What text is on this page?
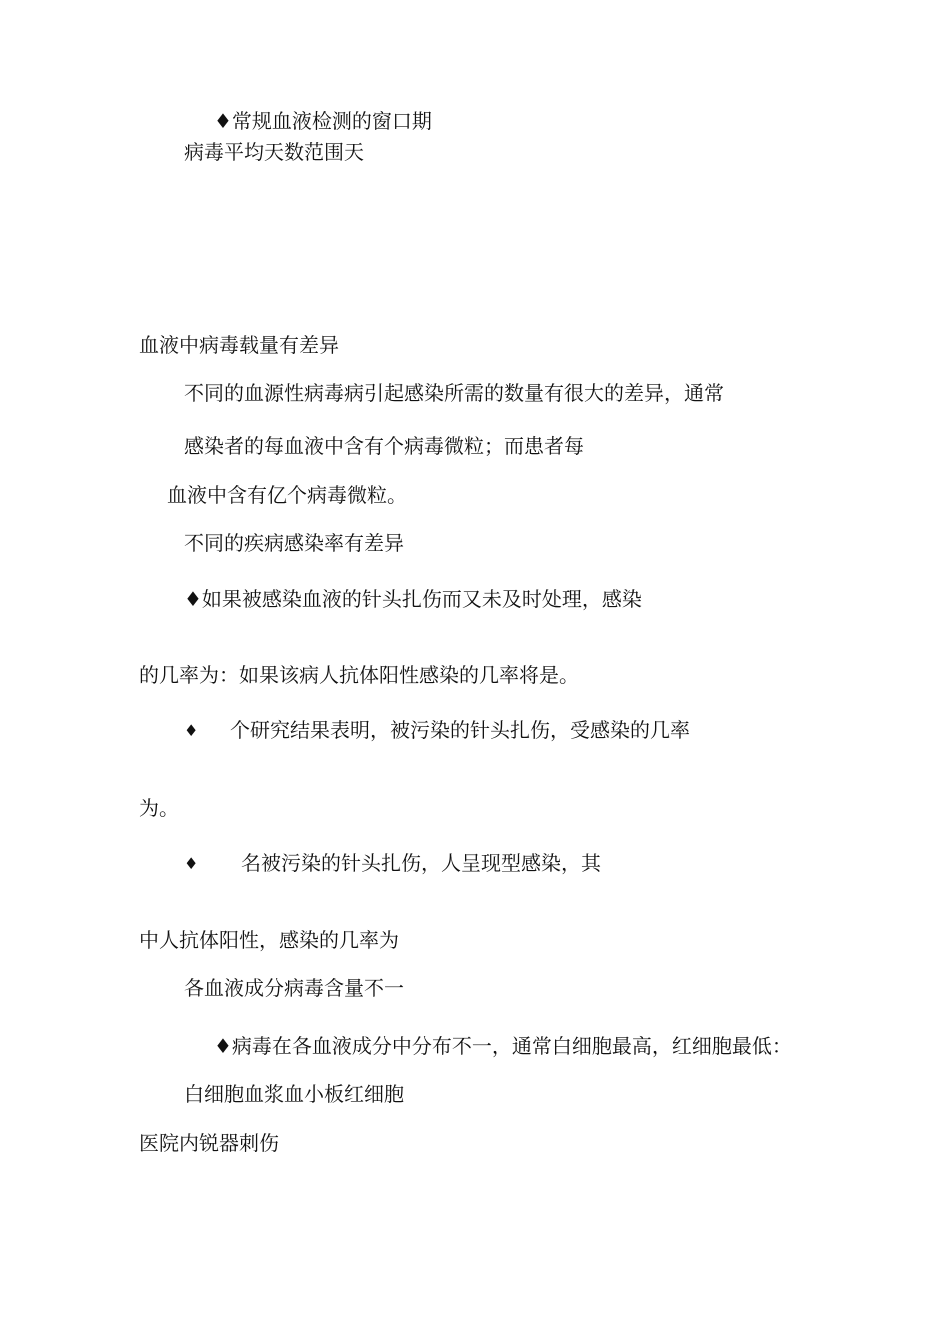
♦常规血液检测的窗口期

病毒平均天数范围天

血液中病毒载量有差异

不同的血源性病毒病引起感染所需的数量有很大的差异，通常

感染者的每血液中含有个病毒微粒；而患者每

血液中含有亿个病毒微粒。

不同的疾病感染率有差异

♦如果被感染血液的针头扎伤而又未及时处理，感染

的几率为：如果该病人抗体阳性感染的几率将是。

♦ 个研究结果表明，被污染的针头扎伤，受感染的几率

为。

♦ 名被污染的针头扎伤，人呈现型感染，其

中人抗体阳性，感染的几率为

各血液成分病毒含量不一

♦病毒在各血液成分中分布不一，通常白细胞最高，红细胞最低：

白细胞血浆血小板红细胞

医院内锐器刺伤
